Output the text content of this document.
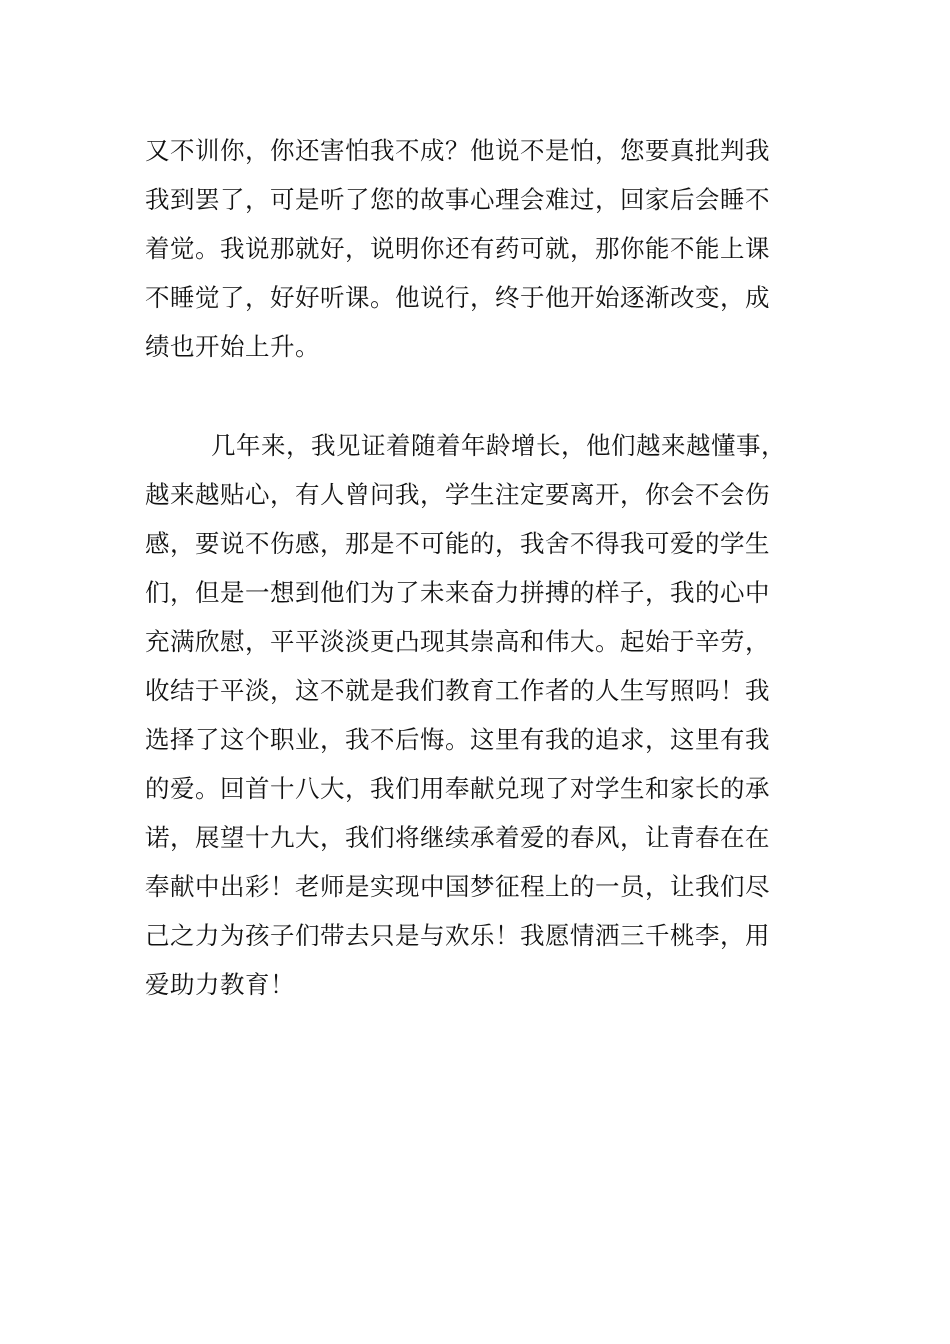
又不训你，你还害怕我不成？他说不是怕，您要真批判我
我到罢了，可是听了您的故事心理会难过，回家后会睡不
着觉。我说那就好，说明你还有药可就，那你能不能上课
不睡觉了，好好听课。他说行，终于他开始逐渐改变，成
绩也开始上升。
几年来，我见证着随着年龄增长，他们越来越懂事，
越来越贴心，有人曾问我，学生注定要离开，你会不会伤
感，要说不伤感，那是不可能的，我舍不得我可爱的学生
们，但是一想到他们为了未来奋力拼搏的样子，我的心中
充满欣慰，平平淡淡更凸现其崇高和伟大。起始于辛劳，
收结于平淡，这不就是我们教育工作者的人生写照吗！我
选择了这个职业，我不后悔。这里有我的追求，这里有我
的爱。回首十八大，我们用奉献兑现了对学生和家长的承
诺，展望十九大，我们将继续承着爱的春风，让青春在在
奉献中出彩！老师是实现中国梦征程上的一员，让我们尽
己之力为孩子们带去只是与欢乐！我愿情洒三千桃李，用
爱助力教育！
